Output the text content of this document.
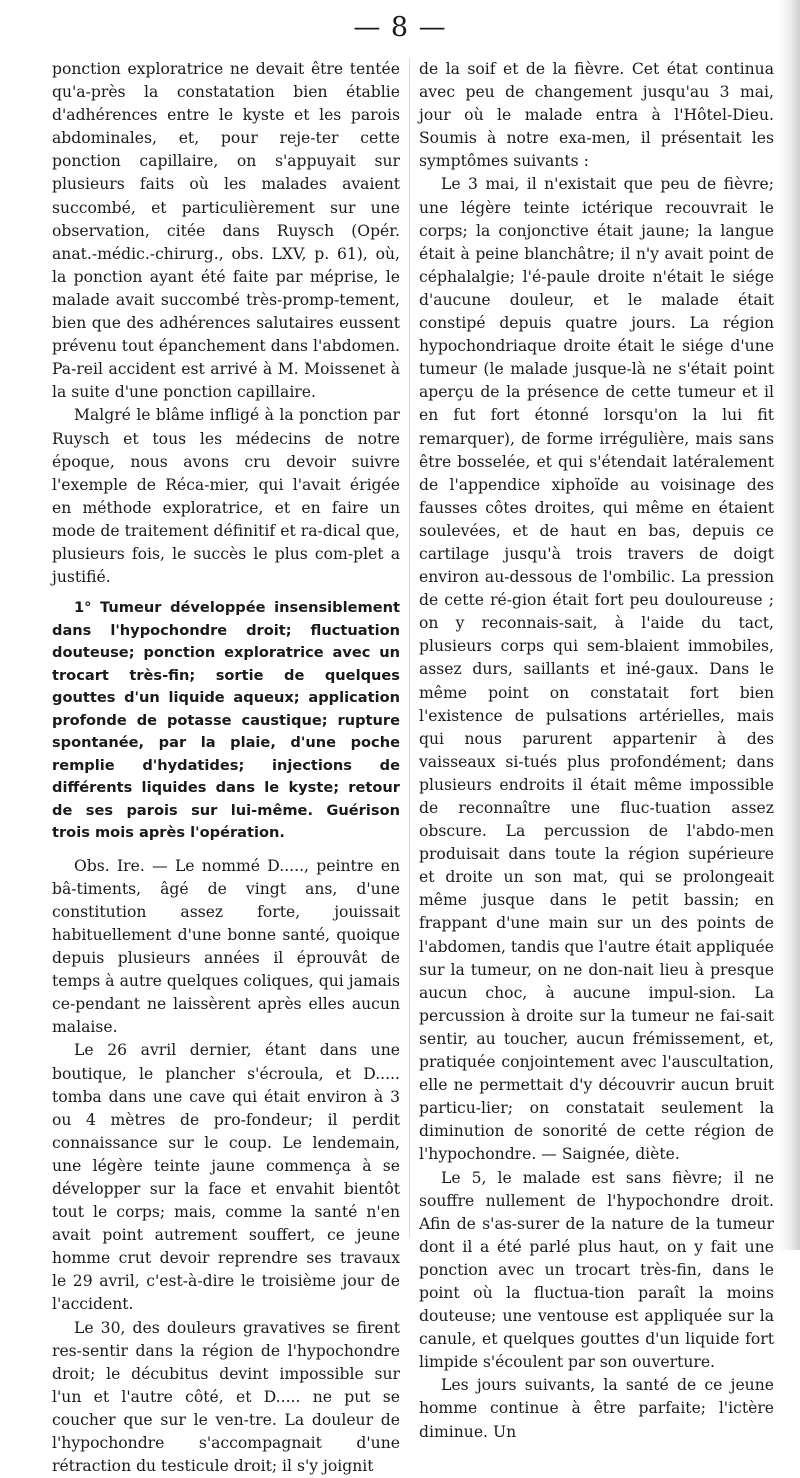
— 8 —

ponction exploratrice ne devait être tentée qu'a-près la constatation bien établie d'adhérences entre le kyste et les parois abdominales, et, pour reje-ter cette ponction capillaire, on s'appuyait sur plusieurs faits où les malades avaient succombé, et particulièrement sur une observation, citée dans Ruysch (Opér. anat.-médic.-chirurg., obs. LXV, p. 61), où, la ponction ayant été faite par méprise, le malade avait succombé très-promp-tement, bien que des adhérences salutaires eussent prévenu tout épanchement dans l'abdomen. Pa-reil accident est arrivé à M. Moissenet à la suite d'une ponction capillaire.

Malgré le blâme infligé à la ponction par Ruysch et tous les médecins de notre époque, nous avons cru devoir suivre l'exemple de Réca-mier, qui l'avait érigée en méthode exploratrice, et en faire un mode de traitement définitif et ra-dical que, plusieurs fois, le succès le plus com-plet a justifié.

1° Tumeur développée insensiblement dans l'hypochondre droit; fluctuation douteuse; ponction exploratrice avec un trocart très-fin; sortie de quelques gouttes d'un liquide aqueux; application profonde de potasse caustique; rupture spontanée, par la plaie, d'une poche remplie d'hydatides; injections de différents liquides dans le kyste; retour de ses parois sur lui-même. Guérison trois mois après l'opération.

Obs. Ire. — Le nommé D....., peintre en bâ-timents, âgé de vingt ans, d'une constitution assez forte, jouissait habituellement d'une bonne santé, quoique depuis plusieurs années il éprouvât de temps à autre quelques coliques, qui jamais ce-pendant ne laissèrent après elles aucun malaise.

Le 26 avril dernier, étant dans une boutique, le plancher s'écroula, et D..... tomba dans une cave qui était environ à 3 ou 4 mètres de pro-fondeur; il perdit connaissance sur le coup. Le lendemain, une légère teinte jaune commença à se développer sur la face et envahit bientôt tout le corps; mais, comme la santé n'en avait point autrement souffert, ce jeune homme crut devoir reprendre ses travaux le 29 avril, c'est-à-dire le troisième jour de l'accident.

Le 30, des douleurs gravatives se firent res-sentir dans la région de l'hypochondre droit; le décubitus devint impossible sur l'un et l'autre côté, et D..... ne put se coucher que sur le ven-tre. La douleur de l'hypochondre s'accompagnait d'une rétraction du testicule droit; il s'y joignit

de la soif et de la fièvre. Cet état continua avec peu de changement jusqu'au 3 mai, jour où le malade entra à l'Hôtel-Dieu. Soumis à notre exa-men, il présentait les symptômes suivants :

Le 3 mai, il n'existait que peu de fièvre; une légère teinte ictérique recouvrait le corps; la conjonctive était jaune; la langue était à peine blanchâtre; il n'y avait point de céphalalgie; l'é-paule droite n'était le siége d'aucune douleur, et le malade était constipé depuis quatre jours. La région hypochondriaque droite était le siége d'une tumeur (le malade jusque-là ne s'était point aperçu de la présence de cette tumeur et il en fut fort étonné lorsqu'on la lui fit remarquer), de forme irrégulière, mais sans être bosselée, et qui s'étendait latéralement de l'appendice xiphoïde au voisinage des fausses côtes droites, qui même en étaient soulevées, et de haut en bas, depuis ce cartilage jusqu'à trois travers de doigt environ au-dessous de l'ombilic. La pression de cette ré-gion était fort peu douloureuse ; on y reconnais-sait, à l'aide du tact, plusieurs corps qui sem-blaient immobiles, assez durs, saillants et iné-gaux. Dans le même point on constatait fort bien l'existence de pulsations artérielles, mais qui nous parurent appartenir à des vaisseaux si-tués plus profondément; dans plusieurs endroits il était même impossible de reconnaître une fluc-tuation assez obscure. La percussion de l'abdo-men produisait dans toute la région supérieure et droite un son mat, qui se prolongeait même jusque dans le petit bassin; en frappant d'une main sur un des points de l'abdomen, tandis que l'autre était appliquée sur la tumeur, on ne don-nait lieu à presque aucun choc, à aucune impul-sion. La percussion à droite sur la tumeur ne fai-sait sentir, au toucher, aucun frémissement, et, pratiquée conjointement avec l'auscultation, elle ne permettait d'y découvrir aucun bruit particu-lier; on constatait seulement la diminution de sonorité de cette région de l'hypochondre. — Saignée, diète.

Le 5, le malade est sans fièvre; il ne souffre nullement de l'hypochondre droit. Afin de s'as-surer de la nature de la tumeur dont il a été parlé plus haut, on y fait une ponction avec un trocart très-fin, dans le point où la fluctua-tion paraît la moins douteuse; une ventouse est appliquée sur la canule, et quelques gouttes d'un liquide fort limpide s'écoulent par son ouverture.

Les jours suivants, la santé de ce jeune homme continue à être parfaite; l'ictère diminue. Un
